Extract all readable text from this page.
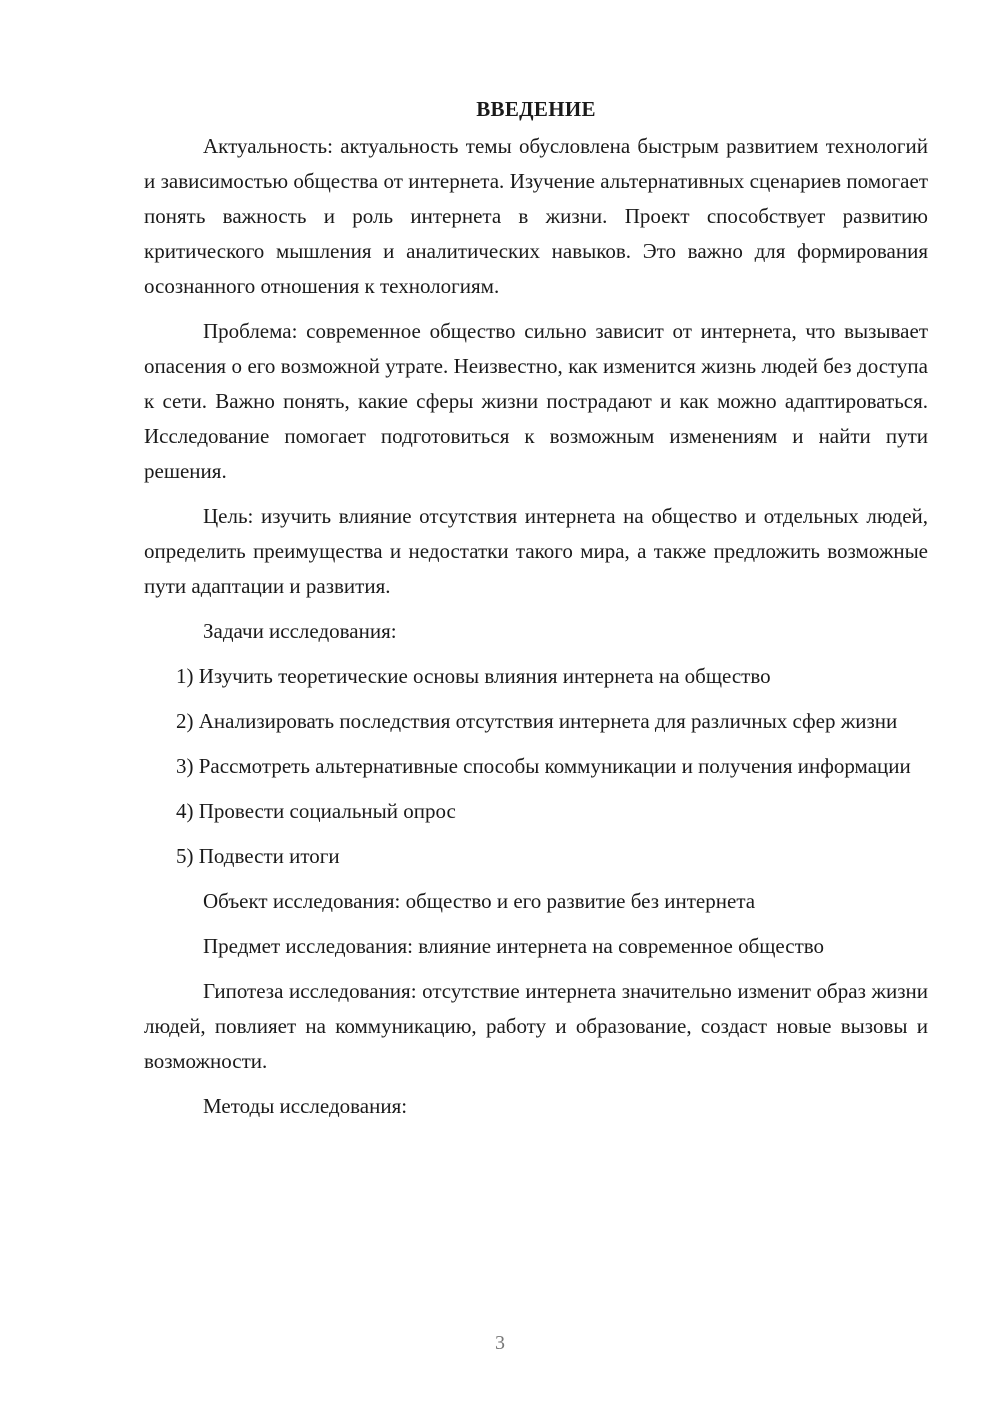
ВВЕДЕНИЕ
Актуальность: актуальность темы обусловлена быстрым развитием технологий и зависимостью общества от интернета. Изучение альтернативных сценариев помогает понять важность и роль интернета в жизни. Проект способствует развитию критического мышления и аналитических навыков. Это важно для формирования осознанного отношения к технологиям.
Проблема: современное общество сильно зависит от интернета, что вызывает опасения о его возможной утрате. Неизвестно, как изменится жизнь людей без доступа к сети. Важно понять, какие сферы жизни пострадают и как можно адаптироваться. Исследование помогает подготовиться к возможным изменениям и найти пути решения.
Цель: изучить влияние отсутствия интернета на общество и отдельных людей, определить преимущества и недостатки такого мира, а также предложить возможные пути адаптации и развития.
Задачи исследования:
1) Изучить теоретические основы влияния интернета на общество
2) Анализировать последствия отсутствия интернета для различных сфер жизни
3) Рассмотреть альтернативные способы коммуникации и получения информации
4) Провести социальный опрос
5) Подвести итоги
Объект исследования: общество и его развитие без интернета
Предмет исследования: влияние интернета на современное общество
Гипотеза исследования: отсутствие интернета значительно изменит образ жизни людей, повлияет на коммуникацию, работу и образование, создаст новые вызовы и возможности.
Методы исследования:
3
